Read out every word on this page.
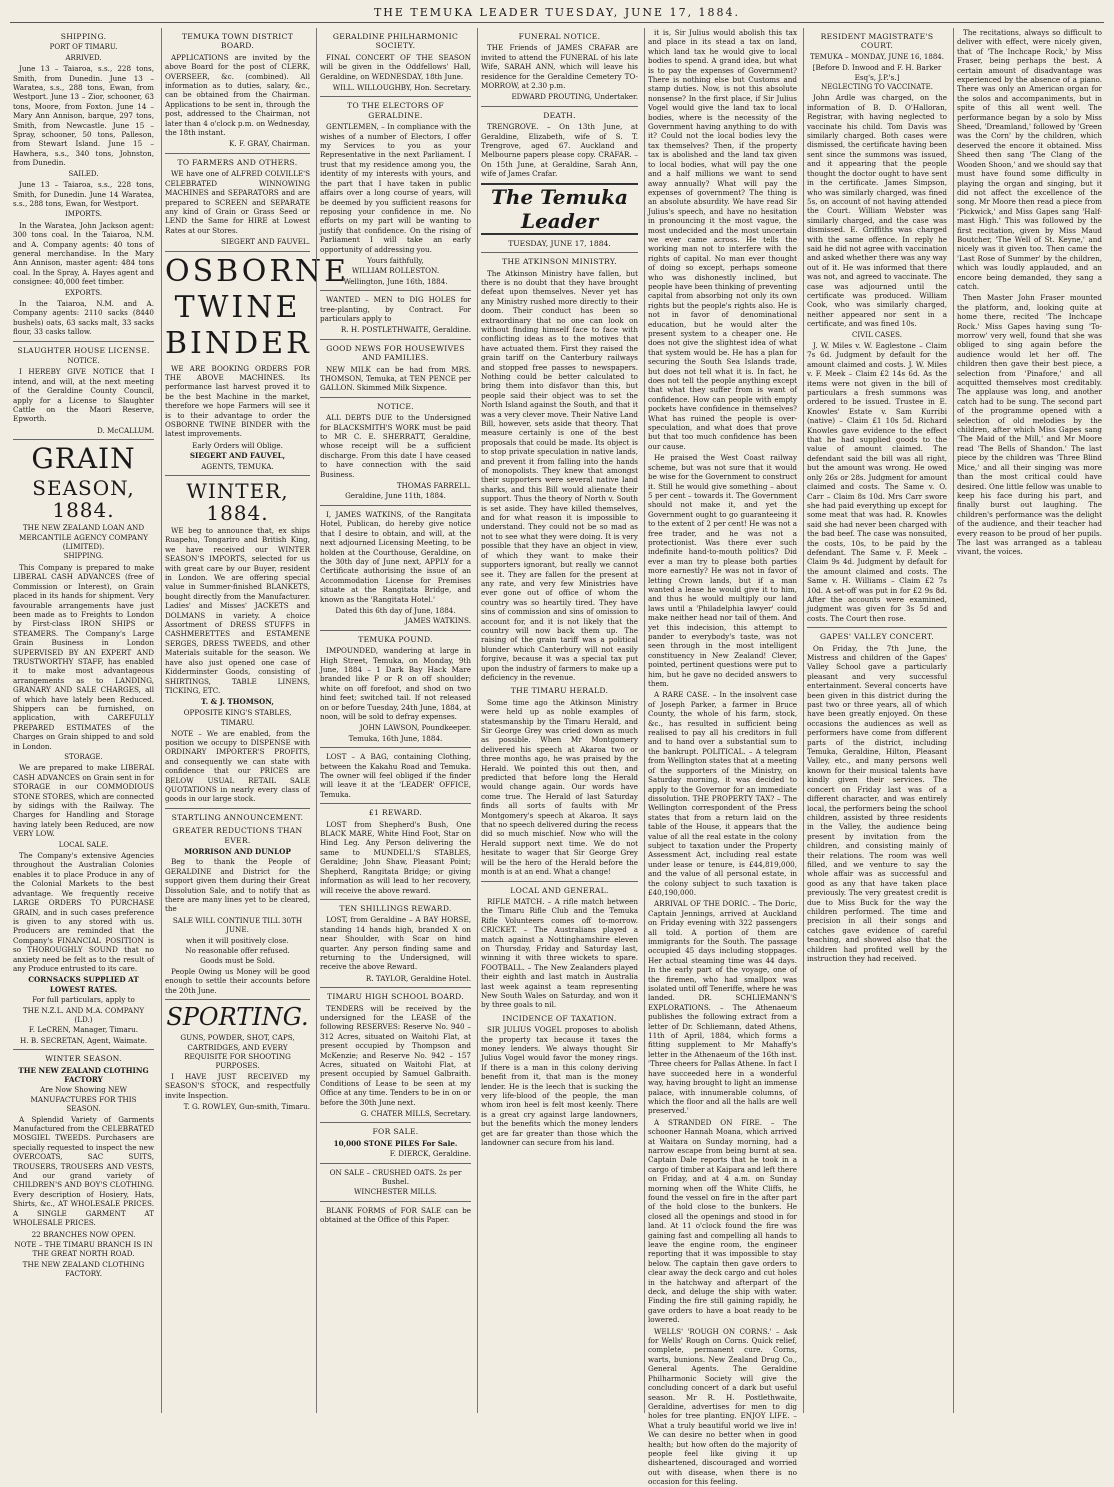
THE TEMUKA LEADER TUESDAY, JUNE 17, 1884.
SHIPPING.
PORT OF TIMARU.
ARRIVED.
June 13 – Taiaroa, s.s., 228 tons, Smith, from Dunedin. June 13 – Waratea, s.s., 288 tons, Ewan, from Westport. June 13 – Zior, schooner, 63 tons, Moore, from Foxton. June 14 – Mary Ann Annison, barque, 297 tons, Smith, from Newcastle. June 15 – Spray, schooner, 50 tons, Palleson, from Stewart Island. June 15 – Hawhera, s.s., 340 tons, Johnston, from Dunedin.
SAILED.
June 13 – Taiaroa, s.s., 228 tons, Smith, for Dunedin. June 14 Waratea, s.s., 288 tons, Ewan, for Westport.
IMPORTS.
In the Waratea, John Jackson agent: 300 tons coal. In the Taiaroa, N.M. and A. Company agents: 40 tons of general merchandise. In the Mary Ann Annison, master agent: 484 tons coal. In the Spray, A. Hayes agent and consignee: 40,000 feet timber.
EXPORTS.
In the Taiaroa, N.M. and A. Company agents: 2110 sacks (8440 bushels) oats, 63 sacks malt, 33 sacks flour, 33 casks tallow.
SLAUGHTER HOUSE LICENSE.
NOTICE.
I HEREBY GIVE NOTICE that I intend, and will, at the next meeting of the Geraldine County Council, apply for a License to Slaughter Cattle on the Maori Reserve, Epworth.
D. McCALLUM.
GRAIN
SEASON, 1884.
THE NEW ZEALAND LOAN AND MERCANTILE AGENCY COMPANY (LIMITED).
SHIPPING.
This Company is prepared to make LIBERAL CASH ADVANCES (free of Commission or Interest), on Grain placed in its hands for shipment. Very favourable arrangements have just been made as to Freights to London by First-class IRON SHIPS or STEAMERS. The Company's Large Grain Business in London SUPERVISED BY AN EXPERT AND TRUSTWORTHY STAFF, has enabled it to make most advantageous arrangements as to LANDING, GRANARY AND SALE CHARGES, all of which have lately been Reduced. Shippers can be furnished, on application, with CAREFULLY PREPARED ESTIMATES of the Charges on Grain shipped to and sold in London.
STORAGE.
We are prepared to make LIBERAL CASH ADVANCES on Grain sent in for STORAGE in our COMMODIOUS STONE STORES, which are connected by sidings with the Railway. The Charges for Handling and Storage having lately been Reduced, are now VERY LOW.
LOCAL SALE.
The Company's extensive Agencies throughout the Australian Colonies enables it to place Produce in any of the Colonial Markets to the best advantage. We frequently receive LARGE ORDERS TO PURCHASE GRAIN, and in such cases preference is given to any stored with us. Producers are reminded that the Company's FINANCIAL POSITION is so THOROUGHLY SOUND that no anxiety need be felt as to the result of any Produce entrusted to its care.
CORNSACKS SUPPLIED AT LOWEST RATES.
For full particulars, apply to
THE N.Z.L. AND M.A. COMPANY (LD.)
F. LeCREN, Manager, Timaru.
H. B. SECRETAN, Agent, Waimate.
WINTER SEASON.
THE NEW ZEALAND CLOTHING FACTORY
Are Now Showing NEW MANUFACTURES FOR THIS SEASON.
A Splendid Variety of Garments Manufactured from the CELEBRATED MOSGIEL TWEEDS. Purchasers are specially requested to inspect the new OVERCOATS, SAC SUITS, TROUSERS, TROUSERS AND VESTS, And our grand variety of CHILDREN'S AND BOY'S CLOTHING. Every description of Hosiery, Hats, Shirts, &c., AT WHOLESALE PRICES. A SINGLE GARMENT AT WHOLESALE PRICES.
22 BRANCHES NOW OPEN.
NOTE – THE TIMARU BRANCH IS IN THE GREAT NORTH ROAD.
THE NEW ZEALAND CLOTHING FACTORY.
TEMUKA TOWN DISTRICT BOARD.
APPLICATIONS are invited by the above Board for the post of CLERK, OVERSEER, &c. (combined). All information as to duties, salary, &c., can be obtained from the Chairman. Applications to be sent in, through the post, addressed to the Chairman, not later than 4 o'clock p.m. on Wednesday, the 18th instant.
K. F. GRAY, Chairman.
TO FARMERS AND OTHERS.
WE have one of ALFRED COLVILLE'S CELEBRATED WINNOWING MACHINES and SEPARATORS and are prepared to SCREEN and SEPARATE any kind of Grain or Grass Seed or LEND the Same for HIRE at Lowest Rates at our Stores.
SIEGERT AND FAUVEL.
OSBORNE
TWINE
BINDER
WE ARE BOOKING ORDERS FOR THE ABOVE MACHINES. Its performance last harvest proved it to be the best Machine in the market, therefore we hope Farmers will see it is to their advantage to order the OSBORNE TWINE BINDER with the latest improvements.
Early Orders will Oblige.
SIEGERT AND FAUVEL,
AGENTS, TEMUKA.
WINTER, 1884.
WE beg to announce that, ex ships Ruapehu, Tongariro and British King, we have received our WINTER SEASON'S IMPORTS, selected for us with great care by our Buyer, resident in London. We are offering special value in Summer-finished BLANKETS, bought directly from the Manufacturer. Ladies' and Misses' JACKETS and DOLMANS in variety. A choice Assortment of DRESS STUFFS in CASHMERETTES and ESTAMENE SERGES, DRESS TWEEDS, and other Materials suitable for the season. We have also just opened one case of Kidderminster Goods, consisting of SHIRTINGS, TABLE LINENS, TICKING, ETC.
T. & J. THOMSON,
OPPOSITE KING'S STABLES,
TIMARU.
NOTE – We are enabled, from the position we occupy to DISPENSE with ORDINARY IMPORTER'S PROFITS, and consequently we can state with confidence that our PRICES are BELOW USUAL RETAIL SALE QUOTATIONS in nearly every class of goods in our large stock.
STARTLING ANNOUNCEMENT.
GREATER REDUCTIONS THAN EVER.
MORRISON AND DUNLOP
Beg to thank the People of GERALDINE and District for the support given them during their Great Dissolution Sale, and to notify that as there are many lines yet to be cleared, the
SALE WILL CONTINUE TILL 30TH JUNE.
when it will positively close.
No reasonable offer refused.
Goods must be Sold.
People Owing us Money will be good enough to settle their accounts before the 20th June.
SPORTING.
GUNS, POWDER, SHOT, CAPS, CARTRIDGES, AND EVERY REQUISITE FOR SHOOTING PURPOSES.
I HAVE JUST RECEIVED my SEASON'S STOCK, and respectfully invite Inspection.
T. G. ROWLEY, Gun-smith, Timaru.
GERALDINE PHILHARMONIC SOCIETY.
FINAL CONCERT OF THE SEASON will be given in the Oddfellows' Hall, Geraldine, on WEDNESDAY, 18th June.
WILL. WILLOUGHBY, Hon. Secretary.
TO THE ELECTORS OF GERALDINE.
GENTLEMEN, – In compliance with the wishes of a number of Electors, I offer my Services to you as your Representative in the next Parliament. I trust that my residence among you, the identity of my interests with yours, and the part that I have taken in public affairs over a long course of years, will be deemed by you sufficient reasons for reposing your confidence in me. No efforts on my part will be wanting to justify that confidence. On the rising of Parliament I will take an early opportunity of addressing you.
Yours faithfully,
WILLIAM ROLLESTON.
Wellington, June 16th, 1884.
WANTED – MEN to DIG HOLES for tree-planting, by Contract. For particulars apply to
R. H. POSTLETHWAITE, Geraldine.
GOOD NEWS FOR HOUSEWIVES AND FAMILIES.
NEW MILK can be had from MRS. THOMSON, Temuka, at TEN PENCE per GALLON. Skimmed Milk Sixpence.
NOTICE.
ALL DEBTS DUE to the Undersigned for BLACKSMITH'S WORK must be paid to MR C. E. SHERRATT, Geraldine, whose receipt will be a sufficient discharge. From this date I have ceased to have connection with the said Business.
THOMAS FARRELL.
Geraldine, June 11th, 1884.
I, JAMES WATKINS, of the Rangitata Hotel, Publican, do hereby give notice that I desire to obtain, and will, at the next adjourned Licensing Meeting, to be holden at the Courthouse, Geraldine, on the 30th day of June next, APPLY for a Certificate authorising the issue of an Accommodation License for Premises situate at the Rangitata Bridge, and known as the 'Rangitata Hotel.'
Dated this 6th day of June, 1884.
JAMES WATKINS.
TEMUKA POUND.
IMPOUNDED, wandering at large in High Street, Temuka, on Monday, 9th June, 1884 – 1 Dark Bay Hack Mare branded like P or R on off shoulder; white on off forefoot, and shod on two hind feet; switched tail. If not released on or before Tuesday, 24th June, 1884, at noon, will be sold to defray expenses.
JOHN LAWSON, Poundkeeper.
Temuka, 16th June, 1884.
LOST – A BAG, containing Clothing, between the Kakahu Road and Temuka. The owner will feel obliged if the finder will leave it at the 'LEADER' OFFICE, Temuka.
£1 REWARD.
LOST from Shepherd's Bush, One BLACK MARE, White Hind Foot, Star on Hind Leg. Any Person delivering the same to MUNDELL'S STABLES, Geraldine; John Shaw, Pleasant Point; Shepherd, Rangitata Bridge; or giving information as will lead to her recovery, will receive the above reward.
TEN SHILLINGS REWARD.
LOST, from Geraldine – A BAY HORSE, standing 14 hands high, branded X on near Shoulder, with Scar on hind quarter. Any person finding same and returning to the Undersigned, will receive the above Reward.
R. TAYLOR, Geraldine Hotel.
TIMARU HIGH SCHOOL BOARD.
TENDERS will be received by the undersigned for the LEASE of the following RESERVES: Reserve No. 940 – 312 Acres, situated on Waitohi Flat, at present occupied by Thompson and McKenzie; and Reserve No. 942 – 157 Acres, situated on Waitohi Flat, at present occupied by Samuel Galbraith. Conditions of Lease to be seen at my Office at any time. Tenders to be in on or before the 30th June next.
G. CHATER MILLS, Secretary.
FOR SALE.
10,000 STONE PILES For Sale.
F. DIERCK, Geraldine.
ON SALE – CRUSHED OATS. 2s per Bushel.
WINCHESTER MILLS.
BLANK FORMS of FOR SALE can be obtained at the Office of this Paper.
FUNERAL NOTICE.
THE Friends of JAMES CRAFAR are invited to attend the FUNERAL of his late Wife, SARAH ANN, which will leave his residence for the Geraldine Cemetery TO-MORROW, at 2.30 p.m.
EDWARD PROUTING, Undertaker.
DEATH.
TRENGROVE. – On 13th June, at Geraldine, Elizabeth, wife of S. T. Trengrove, aged 67. Auckland and Melbourne papers please copy. CRAFAR. – On 15th June, at Geraldine, Sarah Ann, wife of James Crafar.
The Temuka Leader
TUESDAY, JUNE 17, 1884.
THE ATKINSON MINISTRY.
The Atkinson Ministry have fallen, but there is no doubt that they have brought defeat upon themselves. Never yet has any Ministry rushed more directly to their doom. Their conduct has been so extraordinary that no one can look on without finding himself face to face with conflicting ideas as to the motives that have actuated them. First they raised the grain tariff on the Canterbury railways and stopped free passes to newspapers. Nothing could be better calculated to bring them into disfavor than this, but people said their object was to set the North Island against the South, and that it was a very clever move. Their Native Land Bill, however, sets aside that theory. That measure certainly is one of the best proposals that could be made. Its object is to stop private speculation in native lands, and prevent it from falling into the hands of monopolists. They knew that amongst their supporters were several native land sharks, and this Bill would alienate their support. Thus the theory of North v. South is set aside. They have killed themselves, and for what reason it is impossible to understand. They could not be so mad as not to see what they were doing. It is very possible that they have an object in view, of which they want to make their supporters ignorant, but really we cannot see it. They are fallen for the present at any rate, and very few Ministries have ever gone out of office of whom the country was so heartily tired. They have sins of commission and sins of omission to account for, and it is not likely that the country will now back them up. The raising of the grain tariff was a political blunder which Canterbury will not easily forgive, because it was a special tax put upon the industry of farmers to make up a deficiency in the revenue.
THE TIMARU HERALD.
Some time ago the Atkinson Ministry were held up as noble examples of statesmanship by the Timaru Herald, and Sir George Grey was cried down as much as possible. When Mr Montgomery delivered his speech at Akaroa two or three months ago, he was praised by the Herald. We pointed this out then, and predicted that before long the Herald would change again. Our words have come true. The Herald of last Saturday finds all sorts of faults with Mr Montgomery's speech at Akaroa. It says that no speech delivered during the recess did so much mischief. Now who will the Herald support next time. We do not hesitate to wager that Sir George Grey will be the hero of the Herald before the month is at an end. What a change!
LOCAL AND GENERAL.
RIFLE MATCH. – A rifle match between the Timaru Rifle Club and the Temuka Rifle Volunteers comes off to-morrow. CRICKET. – The Australians played a match against a Nottinghamshire eleven on Thursday, Friday and Saturday last, winning it with three wickets to spare. FOOTBALL. – The New Zealanders played their eighth and last match in Australia last week against a team representing New South Wales on Saturday, and won it by three goals to nil.
INCIDENCE OF TAXATION.
SIR JULIUS VOGEL proposes to abolish the property tax because it taxes the money lenders. We always thought Sir Julius Vogel would favor the money rings. If there is a man in this colony deriving benefit from it, that man is the money lender. He is the leech that is sucking the very life-blood of the people, the man whom iron heel is felt most keenly. There is a great cry against large landowners, but the benefits which the money lenders get are far greater than those which the landowner can secure from his land.
it is, Sir Julius would abolish this tax and place in its stead a tax on land, which land tax he would give to local bodies to spend. A grand idea, but what is to pay the expenses of Government? There is nothing else but Customs and stamp duties. Now, is not this absolute nonsense? In the first place, if Sir Julius Vogel would give the land tax to local bodies, where is the necessity of the Government having anything to do with it? Could not the local bodies levy the tax themselves? Then, if the property tax is abolished and the land tax given to local bodies, what will pay the one and a half millions we want to send away annually? What will pay the expenses of government? The thing is an absolute absurdity. We have read Sir Julius's speech, and have no hesitation in pronouncing it the most vague, the most undecided and the most uncertain we ever came across. He tells the working man not to interfere with the rights of capital. No man ever thought of doing so except, perhaps someone who was dishonestly inclined, but people have been thinking of preventing capital from absorbing not only its own rights but the people's rights also. He is not in favor of denominational education, but he would alter the present system to a cheaper one. He does not give the slightest idea of what that system would be. He has a plan for securing the South Sea Islands trade, but does not tell what it is. In fact, he does not tell the people anything except that what they suffer from is want of confidence. How can people with empty pockets have confidence in themselves? What has ruined the people is over-speculation, and what does that prove but that too much confidence has been our cause.
He praised the West Coast railway scheme, but was not sure that it would be wise for the Government to construct it. Still he would give something – about 5 per cent – towards it. The Government should not make it, and yet the Government ought to go guaranteeing it to the extent of 2 per cent! He was not a free trader, and he was not a protectionist. Was there ever such indefinite hand-to-mouth politics? Did ever a man try to please both parties more earnestly? He was not in favor of letting Crown lands, but if a man wanted a lease he would give it to him, and thus he would multiply our land laws until a 'Philadelphia lawyer' could make neither head nor tail of them. And yet this indecision, this attempt to pander to everybody's taste, was not seen through in the most intelligent constituency in New Zealand! Clever, pointed, pertinent questions were put to him, but he gave no decided answers to them.
A RARE CASE. – In the insolvent case of Joseph Parker, a farmer in Bruce County, the whole of his farm, stock, &c., has resulted in sufficient being realised to pay all his creditors in full and to hand over a substantial sum to the bankrupt. POLITICAL. – A telegram from Wellington states that at a meeting of the supporters of the Ministry, on Saturday morning, it was decided to apply to the Governor for an immediate dissolution. THE PROPERTY TAX? – The Wellington correspondent of the Press states that from a return laid on the table of the House, it appears that the value of all the real estate in the colony subject to taxation under the Property Assessment Act, including real estate under lease or tenure, is £44,819,000, and the value of all personal estate, in the colony subject to such taxation is £40,190,000.
ARRIVAL OF THE DORIC. – The Doric, Captain Jennings, arrived at Auckland on Friday evening with 322 passengers all told. A portion of them are immigrants for the South. The passage occupied 45 days including stoppages. Her actual steaming time was 44 days. In the early part of the voyage, one of the firemen, who had smallpox was isolated until off Teneriffe, where he was landed. DR. SCHLIEMANN'S EXPLORATIONS. – The Athenaeum publishes the following extract from a letter of Dr. Schliemann, dated Athens, 11th of April, 1884, which forms a fitting supplement to Mr Mahaffy's letter in the Athenaeum of the 16th inst. 'Three cheers for Pallas Athene. In fact I have succeeded here in a wonderful way, having brought to light an immense palace, with innumerable columns, of which the floor and all the halls are well preserved.'
A STRANDED ON FIRE. – The schooner Hannah Moana, which arrived at Waitara on Sunday morning, had a narrow escape from being burnt at sea. Captain Dale reports that he took in a cargo of timber at Kaipara and left there on Friday, and at 4 a.m. on Sunday morning when off the White Cliffs, he found the vessel on fire in the after part of the hold close to the bunkers. He closed all the openings and stood in for land. At 11 o'clock found the fire was gaining fast and compelling all hands to leave the engine room, the engineer reporting that it was impossible to stay below. The captain then gave orders to clear away the deck cargo and cut holes in the hatchway and afterpart of the deck, and deluge the ship with water. Finding the fire still gaining rapidly, he gave orders to have a boat ready to be lowered.
WELLS' 'ROUGH ON CORNS.' – Ask for Wells' Rough on Corns. Quick relief, complete, permanent cure. Corns, warts, bunions. New Zealand Drug Co., General Agents. The Geraldine Philharmonic Society will give the concluding concert of a dark but useful season. Mr R. H. Postlethwaite, Geraldine, advertises for men to dig holes for tree planting. ENJOY LIFE. – What a truly beautiful world we live in! We can desire no better when in good health; but how often do the majority of people feel like giving it up disheartened, discouraged and worried out with disease, when there is no occasion for this feeling.
RESIDENT MAGISTRATE'S COURT.
TEMUKA – MONDAY, JUNE 16, 1884.
[Before D. Inwood and F. H. Barker Esq's, J.P.'s.]
NEGLECTING TO VACCINATE.
John Ardle was charged, on the information of B. D. O'Halloran, Registrar, with having neglected to vaccinate his child. Tom Davis was similarly charged. Both cases were dismissed, the certificate having been sent since the summons was issued, and it appearing that the people thought the doctor ought to have sent in the certificate. James Simpson, who was similarly charged, was fined 5s, on account of not having attended the Court. William Webster was similarly charged, and the case was dismissed. E. Griffiths was charged with the same offence. In reply he said he did not agree with vaccination and asked whether there was any way out of it. He was informed that there was not, and agreed to vaccinate. The case was adjourned until the certificate was produced. William Cook, who was similarly charged, neither appeared nor sent in a certificate, and was fined 10s.
CIVIL CASES.
J. W. Miles v. W. Eaglestone – Claim 7s 6d. Judgment by default for the amount claimed and costs. J. W. Miles v. F. Meek – Claim £2 14s 6d. As the items were not given in the bill of particulars a fresh summons was ordered to be issued. Trustee in E. Knowles' Estate v. Sam Kurribi (native) – Claim £1 10s 5d. Richard Knowles gave evidence to the effect that he had supplied goods to the value of amount claimed. The defendant said the bill was all right, but the amount was wrong. He owed only 26s or 28s. Judgment for amount claimed and costs. The Same v. O. Carr – Claim 8s 10d. Mrs Carr swore she had paid everything up except for some meat that was had. R. Knowles said she had never been charged with the bad beef. The case was nonsuited, the costs, 10s, to be paid by the defendant. The Same v. F. Meek – Claim 9s 4d. Judgment by default for the amount claimed and costs. The Same v. H. Williams – Claim £2 7s 10d. A set-off was put in for £2 9s 8d. After the accounts were examined, judgment was given for 3s 5d and costs. The Court then rose.
GAPES' VALLEY CONCERT.
On Friday, the 7th June, the Mistress and children of the Gapes' Valley School gave a particularly pleasant and very successful entertainment. Several concerts have been given in this district during the past two or three years, all of which have been greatly enjoyed. On these occasions the audiences as well as performers have come from different parts of the district, including Temuka, Geraldine, Hilton, Pleasant Valley, etc., and many persons well known for their musical talents have kindly given their services. The concert on Friday last was of a different character, and was entirely local, the performers being the school children, assisted by three residents in the Valley, the audience being present by invitation from the children, and consisting mainly of their relations. The room was well filled, and we venture to say the whole affair was as successful and good as any that have taken place previously. The very greatest credit is due to Miss Buck for the way the children performed. The time and precision in all their songs and catches gave evidence of careful teaching, and showed also that the children had profited well by the instruction they had received.
The recitations, always so difficult to deliver with effect, were nicely given, that of 'The Inchcape Rock,' by Miss Fraser, being perhaps the best. A certain amount of disadvantage was experienced by the absence of a piano. There was only an American organ for the solos and accompaniments, but in spite of this all went well. The performance began by a solo by Miss Sheed, 'Dreamland,' followed by 'Green was the Corn' by the children, which deserved the encore it obtained. Miss Sheed then sang 'The Clang of the Wooden Shoon,' and we should say that must have found some difficulty in playing the organ and singing, but it did not affect the excellence of the song. Mr Moore then read a piece from 'Pickwick,' and Miss Gapes sang 'Half-mast High.' This was followed by the first recitation, given by Miss Maud Boutcher, 'The Well of St. Keyne,' and nicely was it given too. Then came the 'Last Rose of Summer' by the children, which was loudly applauded, and an encore being demanded, they sang a catch.
Then Master John Fraser mounted the platform, and, looking quite at home there, recited 'The Inchcape Rock.' Miss Gapes having sung 'To-morrow' very well, found that she was obliged to sing again before the audience would let her off. The children then gave their best piece, a selection from 'Pinafore,' and all acquitted themselves most creditably. The applause was long, and another catch had to be sung. The second part of the programme opened with a selection of old melodies by the children, after which Miss Gapes sang 'The Maid of the Mill,' and Mr Moore read 'The Bells of Shandon.' The last piece by the children was 'Three Blind Mice,' and all their singing was more than the most critical could have desired. One little fellow was unable to keep his face during his part, and finally burst out laughing. The children's performance was the delight of the audience, and their teacher had every reason to be proud of her pupils. The last was arranged as a tableau vivant, the voices.
